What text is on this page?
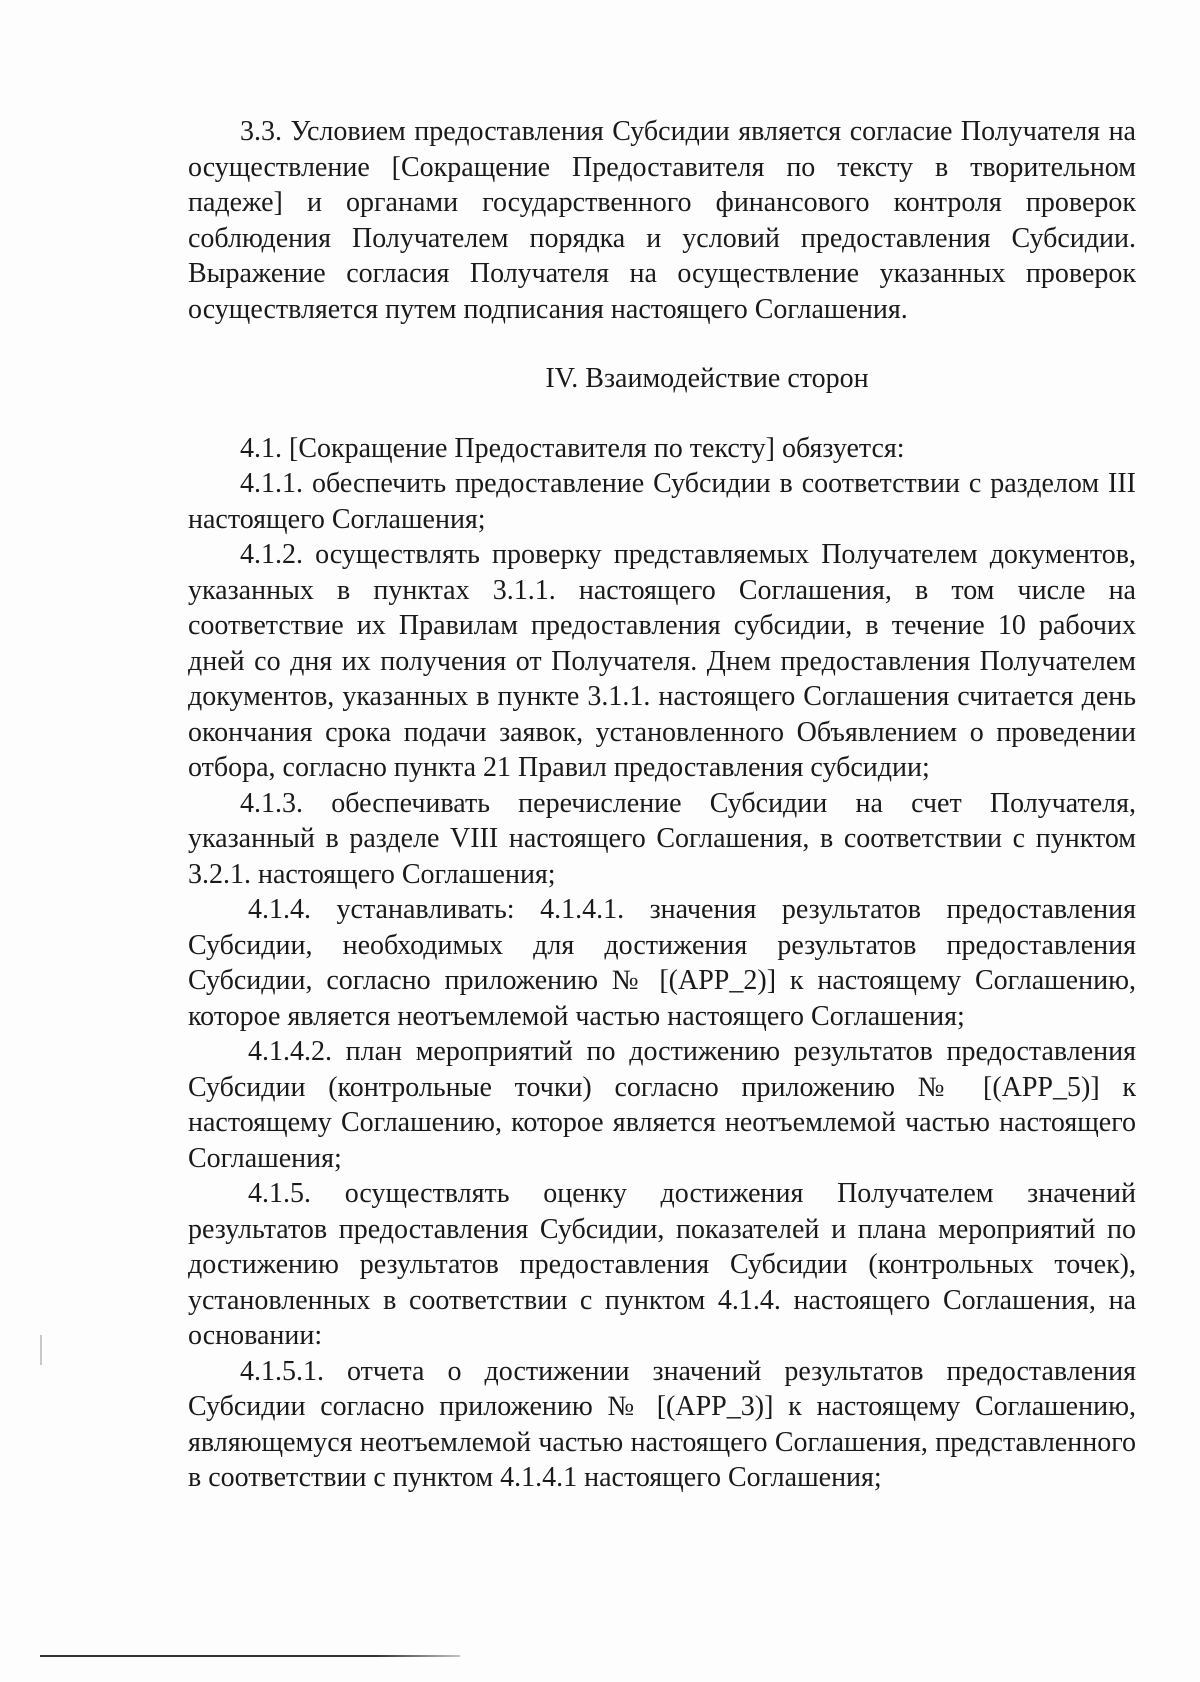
3.3. Условием предоставления Субсидии является согласие Получателя на осуществление [Сокращение Предоставителя по тексту в творительном падеже] и органами государственного финансового контроля проверок соблюдения Получателем порядка и условий предоставления Субсидии. Выражение согласия Получателя на осуществление указанных проверок осуществляется путем подписания настоящего Соглашения.

IV. Взаимодействие сторон

4.1. [Сокращение Предоставителя по тексту] обязуется:

4.1.1. обеспечить предоставление Субсидии в соответствии с разделом III настоящего Соглашения;

4.1.2. осуществлять проверку представляемых Получателем документов, указанных в пунктах 3.1.1. настоящего Соглашения, в том числе на соответствие их Правилам предоставления субсидии, в течение 10 рабочих дней со дня их получения от Получателя. Днем предоставления Получателем документов, указанных в пункте 3.1.1. настоящего Соглашения считается день окончания срока подачи заявок, установленного Объявлением о проведении отбора, согласно пункта 21 Правил предоставления субсидии;

4.1.3. обеспечивать перечисление Субсидии на счет Получателя, указанный в разделе VIII настоящего Соглашения, в соответствии с пунктом 3.2.1. настоящего Соглашения;

4.1.4. устанавливать: 4.1.4.1. значения результатов предоставления Субсидии, необходимых для достижения результатов предоставления Субсидии, согласно приложению № [(APP_2)] к настоящему Соглашению, которое является неотъемлемой частью настоящего Соглашения;

4.1.4.2. план мероприятий по достижению результатов предоставления Субсидии (контрольные точки) согласно приложению № [(APP_5)] к настоящему Соглашению, которое является неотъемлемой частью настоящего Соглашения;

4.1.5. осуществлять оценку достижения Получателем значений результатов предоставления Субсидии, показателей и плана мероприятий по достижению результатов предоставления Субсидии (контрольных точек), установленных в соответствии с пунктом 4.1.4. настоящего Соглашения, на основании:

4.1.5.1. отчета о достижении значений результатов предоставления Субсидии согласно приложению № [(APP_3)] к настоящему Соглашению, являющемуся неотъемлемой частью настоящего Соглашения, представленного в соответствии с пунктом 4.1.4.1 настоящего Соглашения;
